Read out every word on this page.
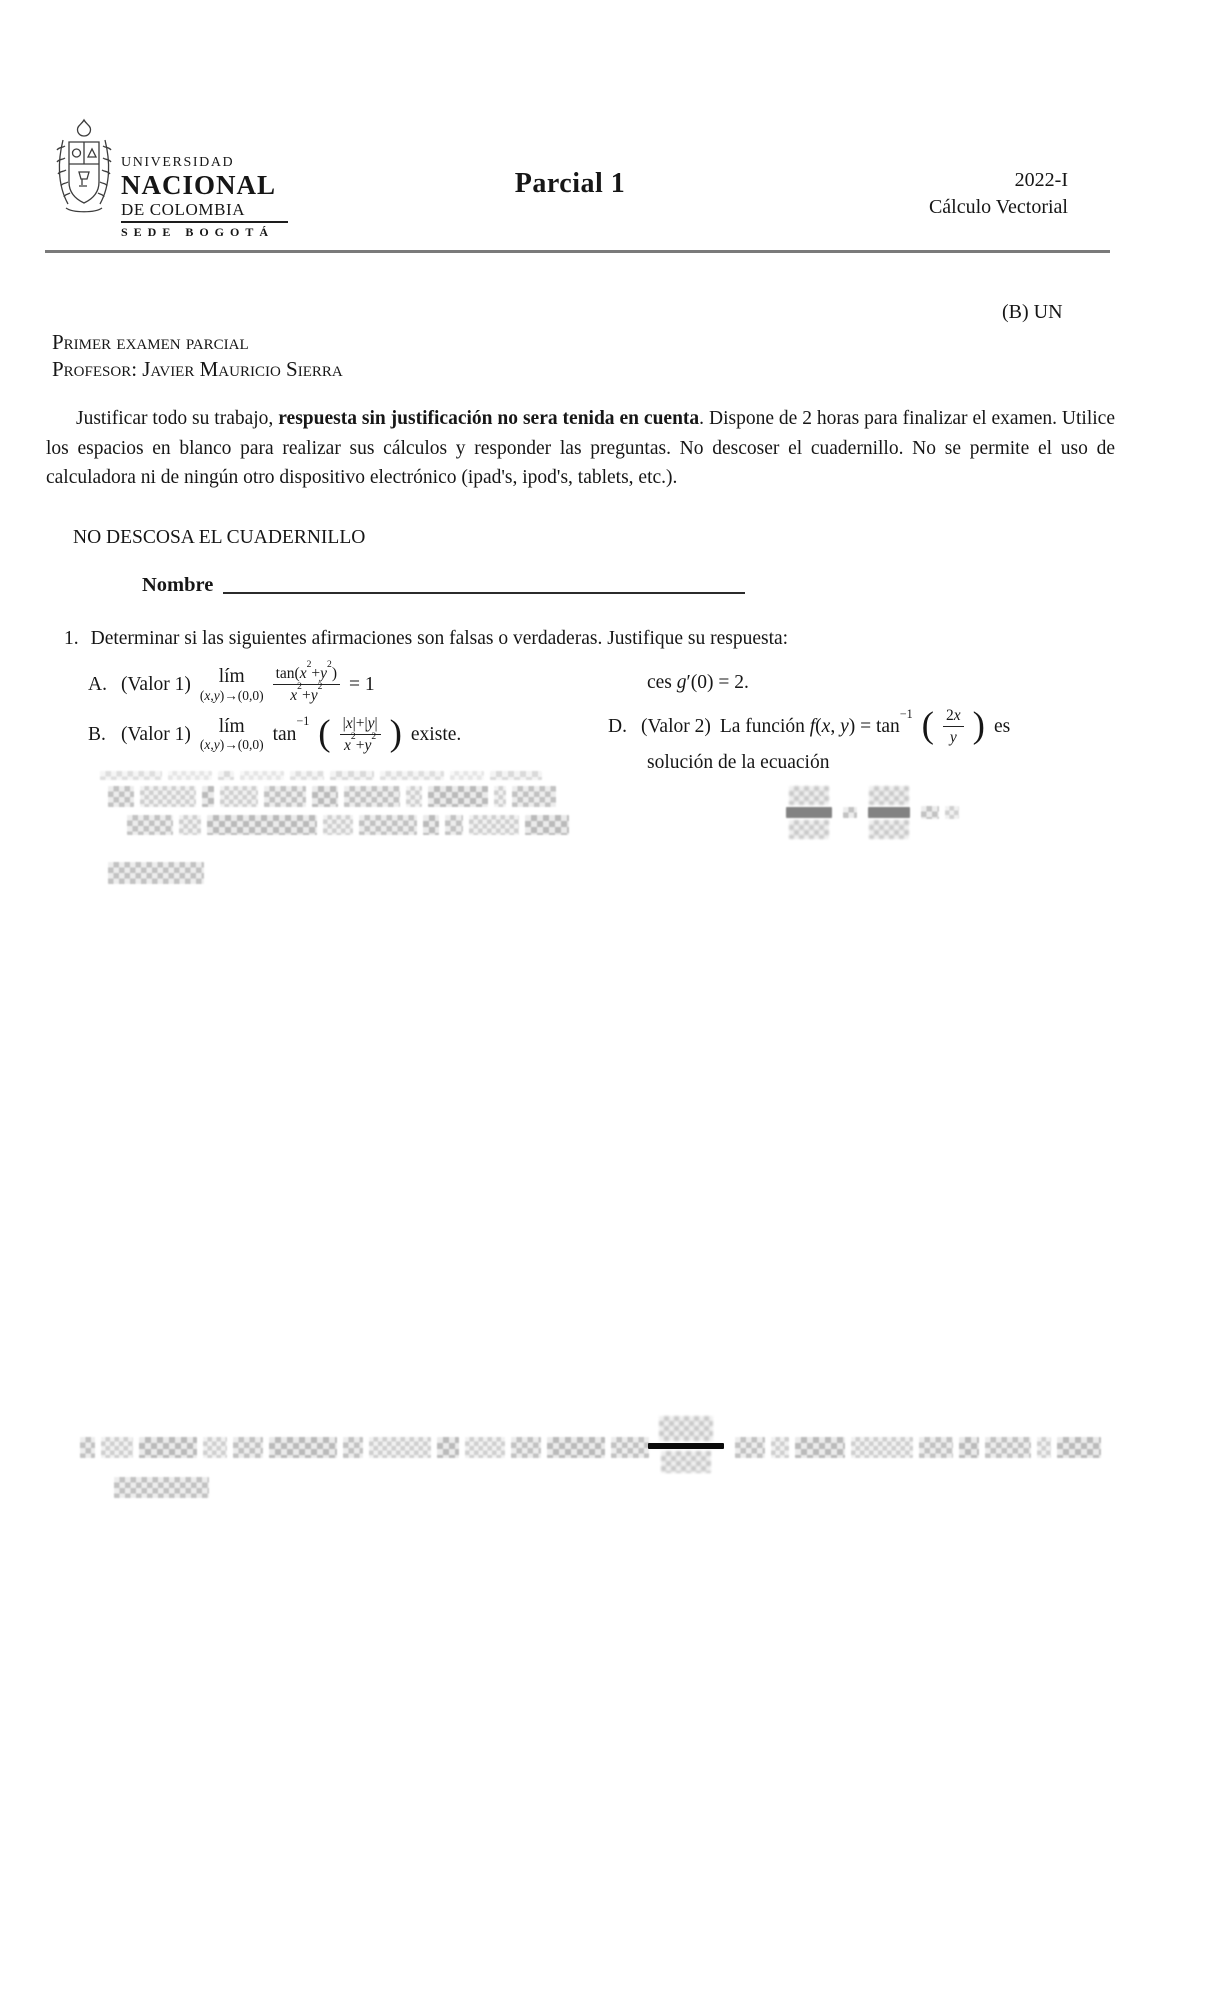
UNIVERSIDAD
NACIONAL
DE COLOMBIA
SEDE BOGOTÁ
Parcial 1	2022-I
Cálculo Vectorial
(B) UN
Primer examen parcial
Profesor: Javier Mauricio Sierra

Justificar todo su trabajo, respuesta sin justificación no sera tenida en cuenta. Dispone de 2 horas para finalizar el examen. Utilice los espacios en blanco para realizar sus cálculos y responder las preguntas. No descoser el cuadernillo. No se permite el uso de calculadora ni de ningún otro dispositivo electrónico (ipad's, ipod's, tablets, etc.).

NO DESCOSA EL CUADERNILLO
Nombre
1. Determinar si las siguientes afirmaciones son falsas o verdaderas. Justifique su respuesta:
A. (Valor 1) lím
$(x,y)\to(0,0) \frac{\tan(x^2+y^2)}{x^2+y^2} = 1$
B. (Valor 1) lím
(x,y)→(0,0)
$\tan^{-1}$ ( $\frac{|x|+|y|}{x^2+y^2}$ ) existe.
ces g′(0) = 2.
D. (Valor 2) La función f(x, $y) = \tan^{-1}$ ( $\frac{2x}{y}$ ) es
solución de la ecuación
